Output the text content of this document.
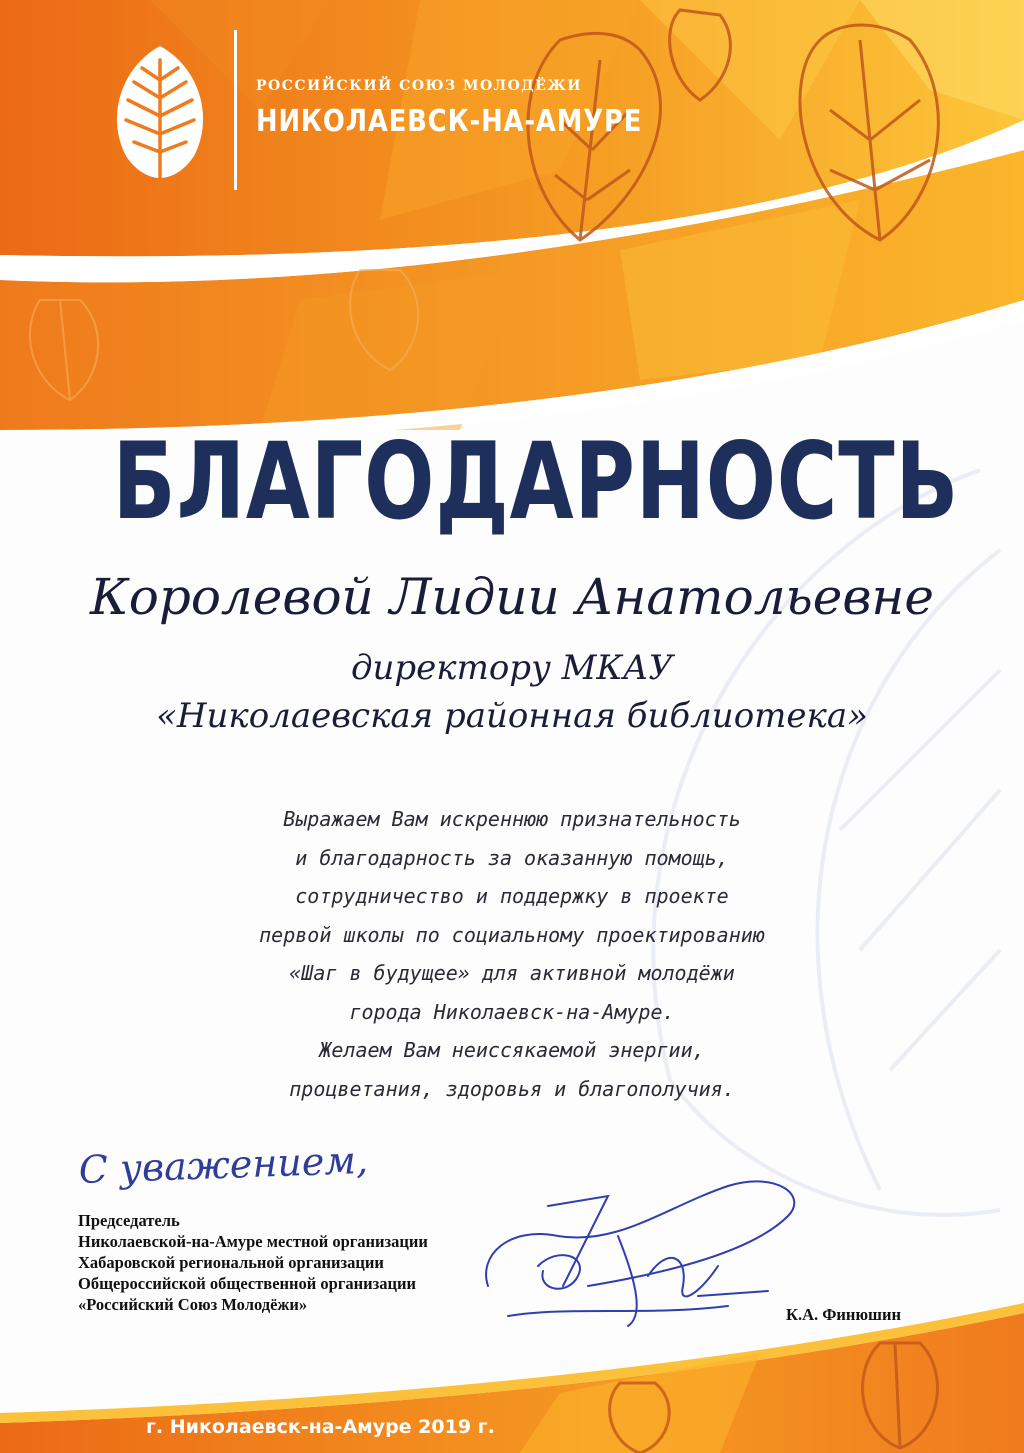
РОССИЙСКИЙ СОЮЗ МОЛОДЁЖИ
НИКОЛАЕВСК-НА-АМУРЕ
БЛАГОДАРНОСТЬ
Королевой Лидии Анатольевне
директору МКАУ
«Николаевская районная библиотека»
Выражаем Вам искреннюю признательность
и благодарность за оказанную помощь,
сотрудничество и поддержку в проекте
первой школы по социальному проектированию
«Шаг в будущее» для активной молодёжи
города Николаевск-на-Амуре.
Желаем Вам неиссякаемой энергии,
процветания, здоровья и благополучия.
С уважением,
Председатель
Николаевской-на-Амуре местной организации
Хабаровской региональной организации
Общероссийской общественной организации
«Российский Союз Молодёжи»
К.А. Финюшин
г. Николаевск-на-Амуре 2019 г.
